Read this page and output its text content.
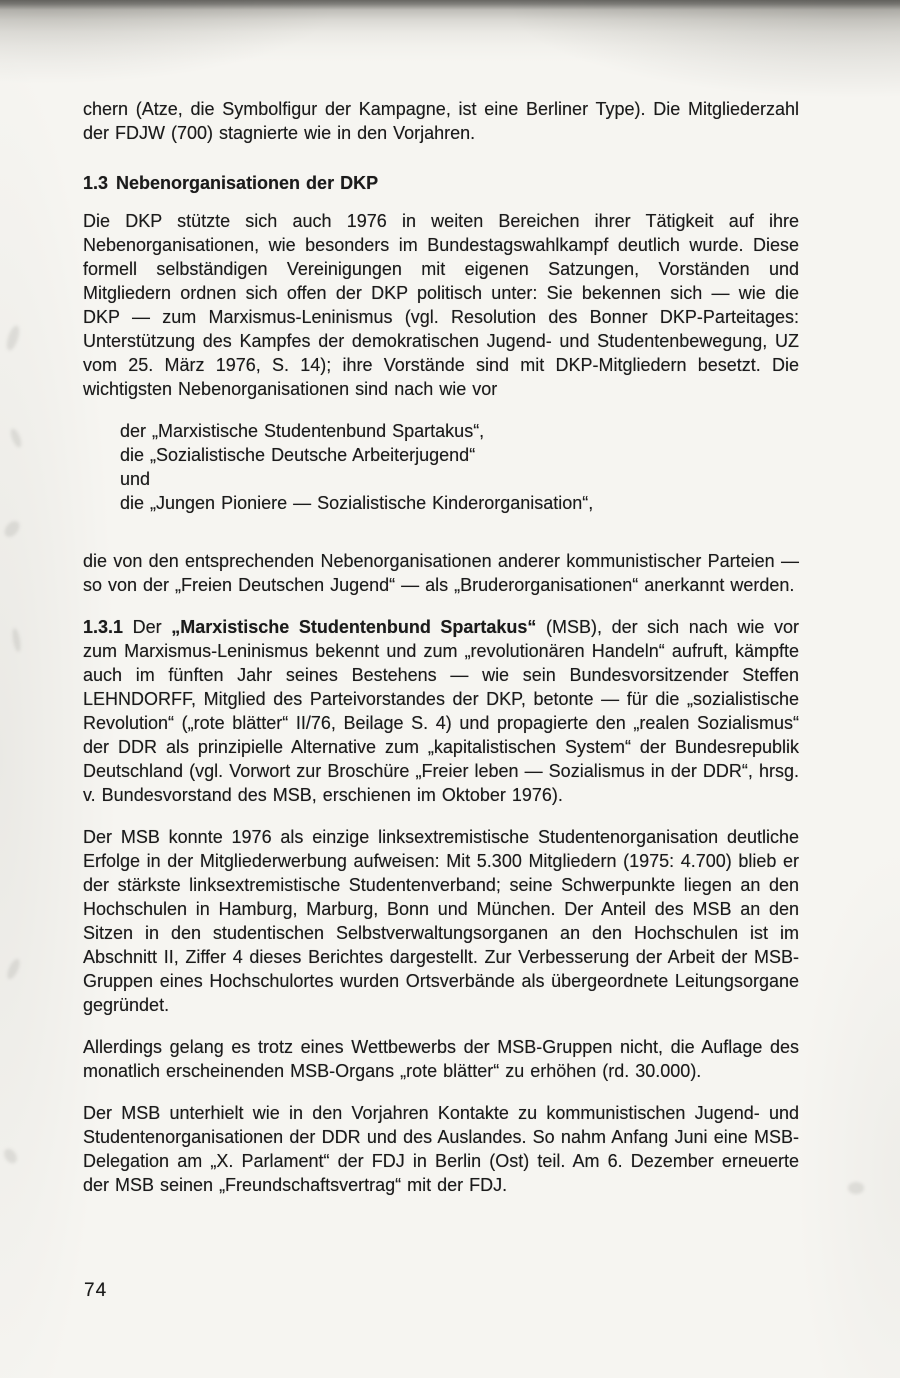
chern (Atze, die Symbolfigur der Kampagne, ist eine Berliner Type). Die Mitgliederzahl der FDJW (700) stagnierte wie in den Vorjahren.

1.3 Nebenorganisationen der DKP

Die DKP stützte sich auch 1976 in weiten Bereichen ihrer Tätigkeit auf ihre Nebenorganisationen, wie besonders im Bundestagswahlkampf deutlich wurde. Diese formell selbständigen Vereinigungen mit eigenen Satzungen, Vorständen und Mitgliedern ordnen sich offen der DKP politisch unter: Sie bekennen sich — wie die DKP — zum Marxismus-Leninismus (vgl. Resolution des Bonner DKP-Parteitages: Unterstützung des Kampfes der demokratischen Jugend- und Studentenbewegung, UZ vom 25. März 1976, S. 14); ihre Vorstände sind mit DKP-Mitgliedern besetzt. Die wichtigsten Nebenorganisationen sind nach wie vor

der „Marxistische Studentenbund Spartakus“,
die „Sozialistische Deutsche Arbeiterjugend“
und
die „Jungen Pioniere — Sozialistische Kinderorganisation“,

die von den entsprechenden Nebenorganisationen anderer kommunistischer Parteien — so von der „Freien Deutschen Jugend“ — als „Bruderorganisationen“ anerkannt werden.

1.3.1 Der „Marxistische Studentenbund Spartakus“ (MSB), der sich nach wie vor zum Marxismus-Leninismus bekennt und zum „revolutionären Handeln“ aufruft, kämpfte auch im fünften Jahr seines Bestehens — wie sein Bundesvorsitzender Steffen LEHNDORFF, Mitglied des Parteivorstandes der DKP, betonte — für die „sozialistische Revolution“ („rote blätter“ II/76, Beilage S. 4) und propagierte den „realen Sozialismus“ der DDR als prinzipielle Alternative zum „kapitalistischen System“ der Bundesrepublik Deutschland (vgl. Vorwort zur Broschüre „Freier leben — Sozialismus in der DDR“, hrsg. v. Bundesvorstand des MSB, erschienen im Oktober 1976).

Der MSB konnte 1976 als einzige linksextremistische Studentenorganisation deutliche Erfolge in der Mitgliederwerbung aufweisen: Mit 5.300 Mitgliedern (1975: 4.700) blieb er der stärkste linksextremistische Studentenverband; seine Schwerpunkte liegen an den Hochschulen in Hamburg, Marburg, Bonn und München. Der Anteil des MSB an den Sitzen in den studentischen Selbstverwaltungsorganen an den Hochschulen ist im Abschnitt II, Ziffer 4 dieses Berichtes dargestellt. Zur Verbesserung der Arbeit der MSB-Gruppen eines Hochschulortes wurden Ortsverbände als übergeordnete Leitungsorgane gegründet.

Allerdings gelang es trotz eines Wettbewerbs der MSB-Gruppen nicht, die Auflage des monatlich erscheinenden MSB-Organs „rote blätter“ zu erhöhen (rd. 30.000).

Der MSB unterhielt wie in den Vorjahren Kontakte zu kommunistischen Jugend- und Studentenorganisationen der DDR und des Auslandes. So nahm Anfang Juni eine MSB-Delegation am „X. Parlament“ der FDJ in Berlin (Ost) teil. Am 6. Dezember erneuerte der MSB seinen „Freundschaftsvertrag“ mit der FDJ.

74
